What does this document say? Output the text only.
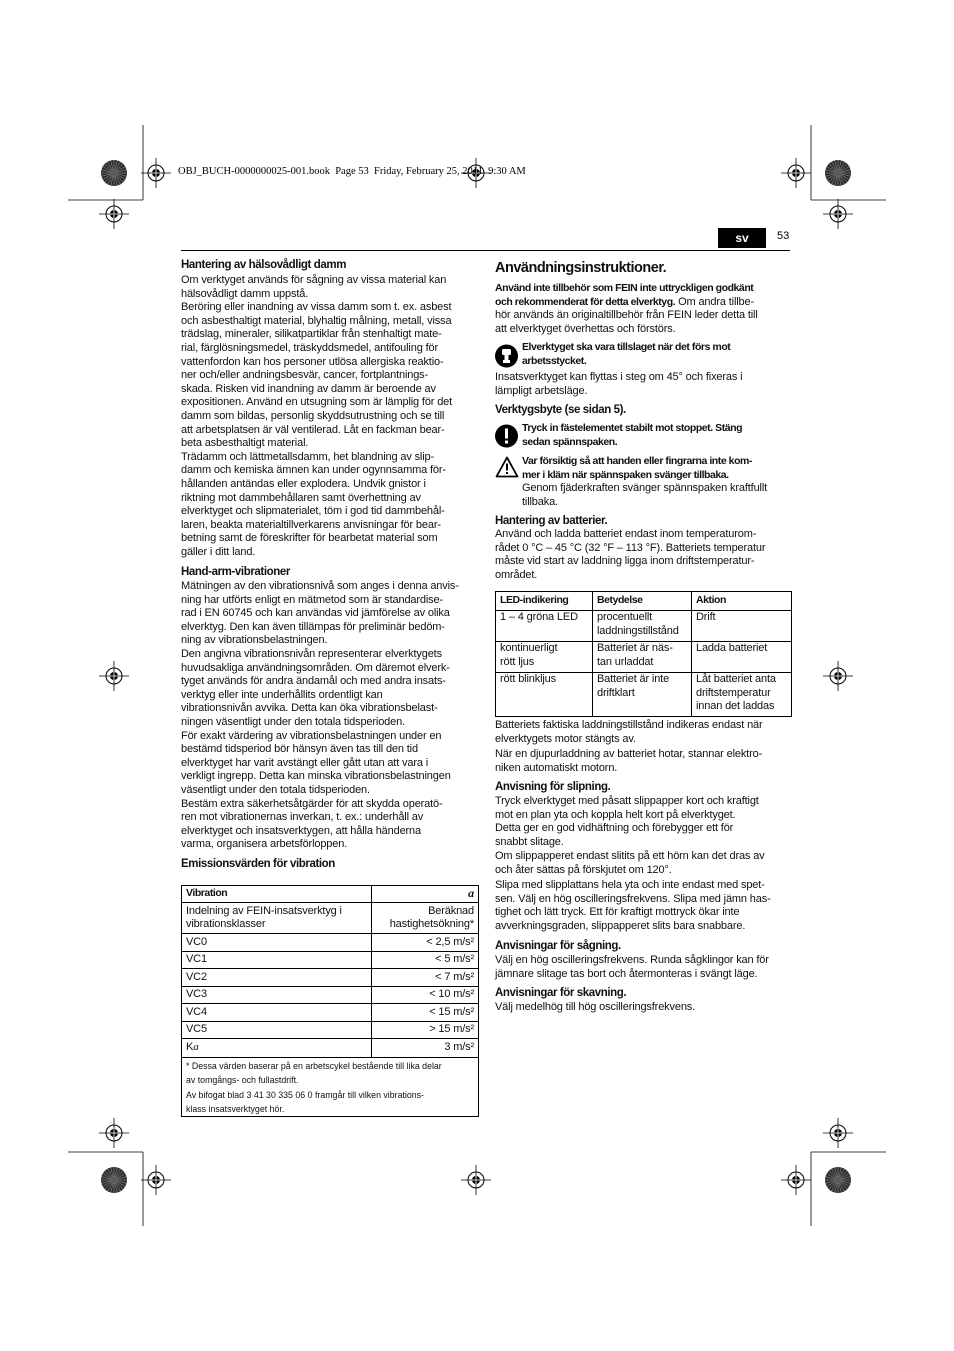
OBJ_BUCH-0000000025-001.book  Page 53  Friday, February 25, 2011  9:30 AM
sv	53
Hantering av hälsovådligt damm
Om verktyget används för sågning av vissa material kan
hälsovådligt damm uppstå.
Beröring eller inandning av vissa damm som t. ex. asbest
och asbesthaltigt material, blyhaltig målning, metall, vissa
trädslag, mineraler, silikatpartiklar från stenhaltigt mate-
rial, färglösningsmedel, träskyddsmedel, antifouling för
vattenfordon kan hos personer utlösa allergiska reaktio-
ner och/eller andningsbesvär, cancer, fortplantnings-
skada. Risken vid inandning av damm är beroende av
expositionen. Använd en utsugning som är lämplig för det
damm som bildas, personlig skyddsutrustning och se till
att arbetsplatsen är väl ventilerad. Låt en fackman bear-
beta asbesthaltigt material.
Trädamm och lättmetallsdamm, het blandning av slip-
damm och kemiska ämnen kan under ogynnsamma för-
hållanden antändas eller explodera. Undvik gnistor i
riktning mot dammbehållaren samt överhettning av
elverktyget och slipmaterialet, töm i god tid dammbehål-
laren, beakta materialtillverkarens anvisningar för bear-
betning samt de föreskrifter för bearbetat material som
gäller i ditt land.
Hand-arm-vibrationer
Mätningen av den vibrationsnivå som anges i denna anvis-
ning har utförts enligt en mätmetod som är standardise-
rad i EN 60745 och kan användas vid jämförelse av olika
elverktyg. Den kan även tillämpas för preliminär bedöm-
ning av vibrationsbelastningen.
Den angivna vibrationsnivån representerar elverktygets
huvudsakliga användningsområden. Om däremot elverk-
tyget används för andra ändamål och med andra insats-
verktyg eller inte underhållits ordentligt kan
vibrationsnivån avvika. Detta kan öka vibrationsbelast-
ningen väsentligt under den totala tidsperioden.
För exakt värdering av vibrationsbelastningen under en
bestämd tidsperiod bör hänsyn även tas till den tid
elverktyget har varit avstängt eller gått utan att vara i
verkligt ingrepp. Detta kan minska vibrationsbelastningen
väsentligt under den totala tidsperioden.
Bestäm extra säkerhetsåtgärder för att skydda operatö-
ren mot vibrationernas inverkan, t. ex.: underhåll av
elverktyget och insatsverktygen, att hålla händerna
varma, organisera arbetsförloppen.
Emissionsvärden för vibration
Vibration	a

Indelning av FEIN-insatsverktyg i
vibrationsklasser	Beräknad
hastighetsökning*

VC0	< 2,5 m/s²
VC1	< 5 m/s²
VC2	< 7 m/s²
VC3	< 10 m/s²
VC4	< 15 m/s²
VC5	> 15 m/s²
Ka	3 m/s²

* Dessa värden baserar på en arbetscykel bestående till lika delar
av tomgångs- och fullastdrift.
Av bifogat blad 3 41 30 335 06 0 framgår till vilken vibrations-
klass insatsverktyget hör.	
Användningsinstruktioner.
Använd inte tillbehör som FEIN inte uttryckligen godkänt
och rekommenderat för detta elverktyg. Om andra tillbe-
hör används än originaltillbehör från FEIN leder detta till
att elverktyget överhettas och förstörs.
Elverktyget ska vara tillslaget när det förs mot
arbetsstycket.
Insatsverktyget kan flyttas i steg om 45° och fixeras i
lämpligt arbetsläge.
Verktygsbyte (se sidan 5).
Tryck in fästelementet stabilt mot stoppet. Stäng
sedan spännspaken.
Var försiktig så att handen eller fingrarna inte kom-
mer i kläm när spännspaken svänger tillbaka.
Genom fjäderkraften svänger spännspaken kraftfullt
tillbaka.
Hantering av batterier.
Använd och ladda batteriet endast inom temperaturom-
rådet 0 °C – 45 °C (32 °F – 113 °F). Batteriets temperatur
måste vid start av laddning ligga inom driftstemperatur-
området.
LED-indikering	Betydelse	Aktion

1 – 4 gröna LED	procentuellt
laddningstillstånd	Drift

kontinuerligt
rött ljus	Batteriet är näs-
tan urladdat	Ladda batteriet

rött blinkljus	Batteriet är inte
driftklart	Låt batteriet anta
driftstemperatur
innan det laddas
Batteriets faktiska laddningstillstånd indikeras endast när
elverktygets motor stängts av.
När en djupurladdning av batteriet hotar, stannar elektro-
niken automatiskt motorn.
Anvisning för slipning.
Tryck elverktyget med påsatt slippapper kort och kraftigt
mot en plan yta och koppla helt kort på elverktyget.
Detta ger en god vidhäftning och förebygger ett för
snabbt slitage.
Om slippapperet endast slitits på ett hörn kan det dras av
och åter sättas på förskjutet om 120°.
Slipa med slipplattans hela yta och inte endast med spet-
sen. Välj en hög oscilleringsfrekvens. Slipa med jämn has-
tighet och lätt tryck. Ett för kraftigt mottryck ökar inte
avverkningsgraden, slippapperet slits bara snabbare.
Anvisningar för sågning.
Välj en hög oscilleringsfrekvens. Runda sågklingor kan för
jämnare slitage tas bort och återmonteras i svängt läge.
Anvisningar för skavning.
Välj medelhög till hög oscilleringsfrekvens.
